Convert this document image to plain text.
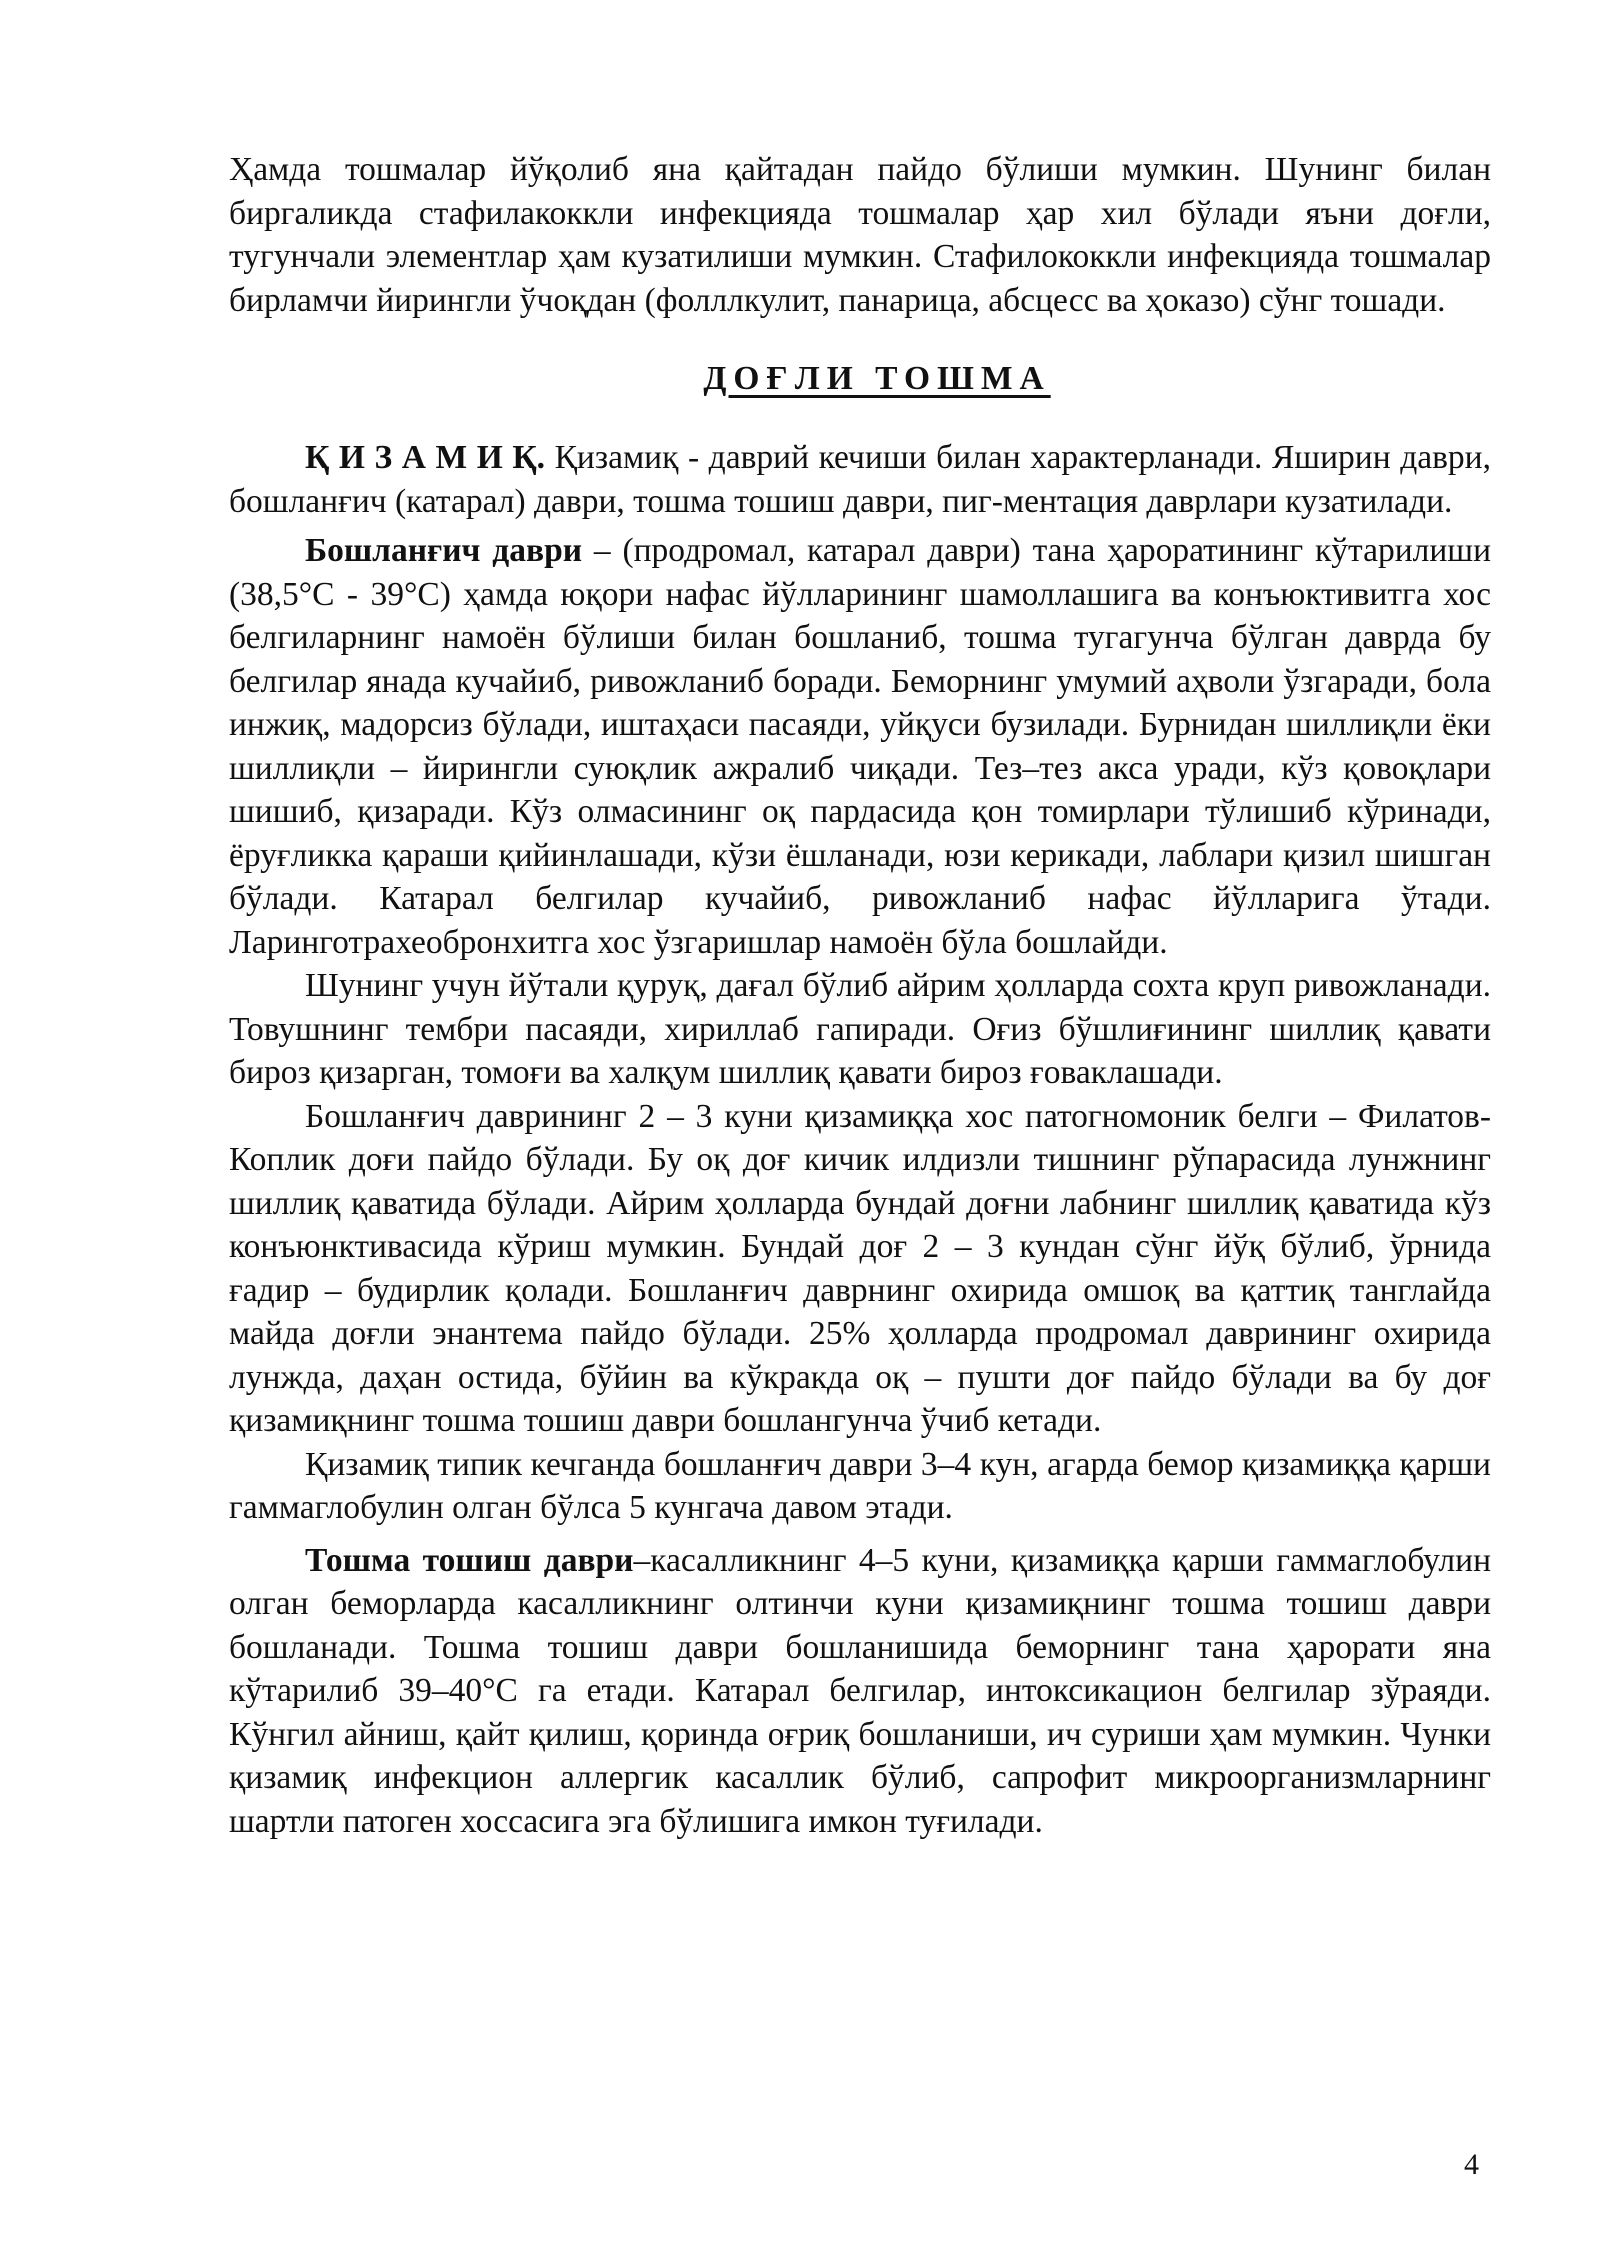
Ҳамда тошмалар йўқолиб яна қайтадан пайдо бўлиши мумкин. Шунинг билан биргаликда стафилакоккли инфекцияда тошмалар ҳар хил бўлади яъни доғли, тугунчали элементлар ҳам кузатилиши мумкин. Стафилококкли инфекцияда тошмалар бирламчи йирингли ўчоқдан (фолллкулит, панарица, абсцесс ва ҳоказо) сўнг тошади.

ДОҒЛИ ТОШМА

Қ И З А М И Қ. Қизамиқ - даврий кечиши билан характерланади. Яширин даври, бошланғич (катарал) даври, тошма тошиш даври, пиг-ментация даврлари кузатилади.

Бошланғич даври – (продромал, катарал даври) тана ҳароратининг кўтарилиши (38,5°С - 39°С) ҳамда юқори нафас йўлларининг шамоллашига ва конъюктивитга хос белгиларнинг намоён бўлиши билан бошланиб, тошма тугагунча бўлган даврда бу белгилар янада кучайиб, ривожланиб боради. Беморнинг умумий аҳволи ўзгаради, бола инжиқ, мадорсиз бўлади, иштаҳаси пасаяди, уйқуси бузилади. Бурнидан шиллиқли ёки шиллиқли – йирингли суюқлик ажралиб чиқади. Тез–тез акса уради, кўз қовоқлари шишиб, қизаради. Кўз олмасининг оқ пардасида қон томирлари тўлишиб кўринади, ёруғликка қараши қийинлашади, кўзи ёшланади, юзи керикади, лаблари қизил шишган бўлади. Катарал белгилар кучайиб, ривожланиб нафас йўлларига ўтади. Ларинготрахеобронхитга хос ўзгаришлар намоён бўла бошлайди.

Шунинг учун йўтали қуруқ, дағал бўлиб айрим ҳолларда сохта круп ривожланади. Товушнинг тембри пасаяди, хириллаб гапиради. Оғиз бўшлиғининг шиллиқ қавати бироз қизарган, томоғи ва халқум шиллиқ қавати бироз ғоваклашади.

Бошланғич даврининг 2 – 3 куни қизамиққа хос патогномоник белги – Филатов-Коплик доғи пайдо бўлади. Бу оқ доғ кичик илдизли тишнинг рўпарасида лунжнинг шиллиқ қаватида бўлади. Айрим ҳолларда бундай доғни лабнинг шиллиқ қаватида кўз конъюнктивасида кўриш мумкин. Бундай доғ 2 – 3 кундан сўнг йўқ бўлиб, ўрнида ғадир – будирлик қолади. Бошланғич даврнинг охирида омшоқ ва қаттиқ танглайда майда доғли энантема пайдо бўлади. 25% ҳолларда продромал даврининг охирида лунжда, даҳан остида, бўйин ва кўкракда оқ – пушти доғ пайдо бўлади ва бу доғ қизамиқнинг тошма тошиш даври бошлангунча ўчиб кетади.

Қизамиқ типик кечганда бошланғич даври 3–4 кун, агарда бемор қизамиққа қарши гаммаглобулин олган бўлса 5 кунгача давом этади.

Тошма тошиш даври–касалликнинг 4–5 куни, қизамиққа қарши гаммаглобулин олган беморларда касалликнинг олтинчи куни қизамиқнинг тошма тошиш даври бошланади. Тошма тошиш даври бошланишида беморнинг тана ҳарорати яна кўтарилиб 39–40°С га етади. Катарал белгилар, интоксикацион белгилар зўраяди. Кўнгил айниш, қайт қилиш, қоринда оғриқ бошланиши, ич суриши ҳам мумкин. Чунки қизамиқ инфекцион аллергик касаллик бўлиб, сапрофит микроорганизмларнинг шартли патоген хоссасига эга бўлишига имкон туғилади.

4
